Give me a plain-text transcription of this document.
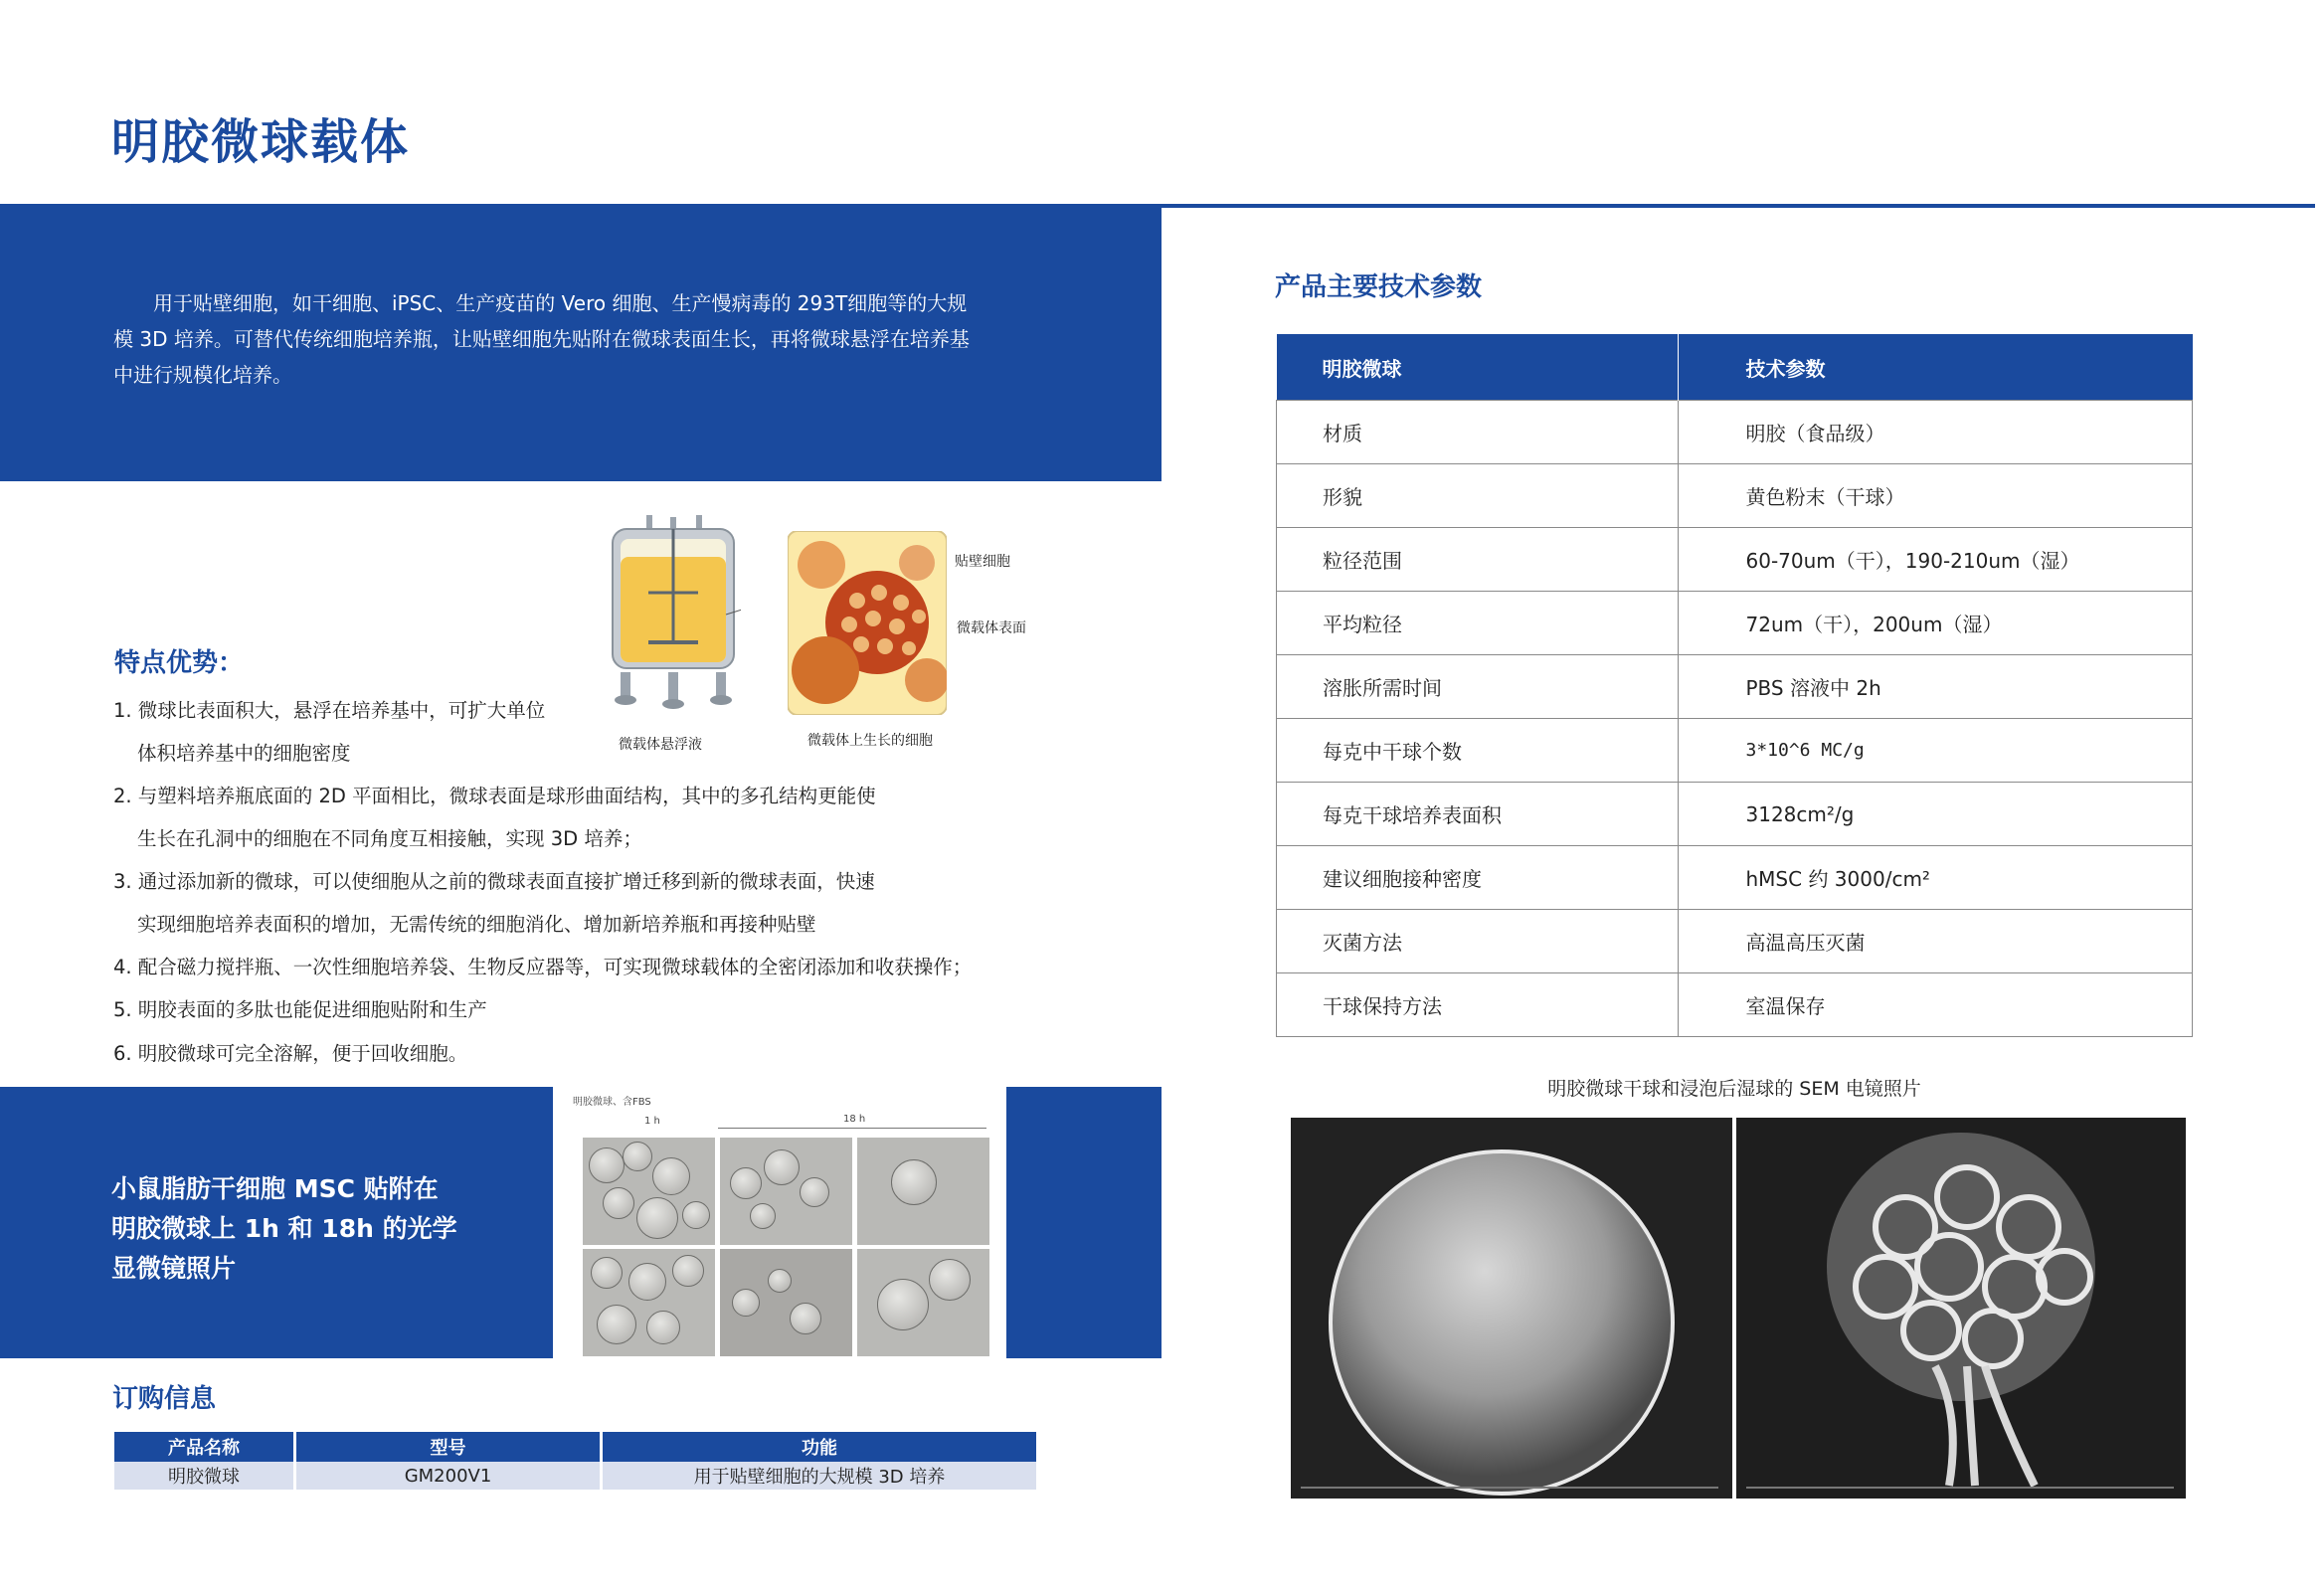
明胶微球载体
　　用于贴壁细胞，如干细胞、iPSC、生产疫苗的 Vero 细胞、生产慢病毒的 293T细胞等的大规
模 3D 培养。可替代传统细胞培养瓶，让贴壁细胞先贴附在微球表面生长，再将微球悬浮在培养基
中进行规模化培养。
贴壁细胞
微载体表面
微载体悬浮液	微载体上生长的细胞
特点优势：
1. 微球比表面积大，悬浮在培养基中，可扩大单位
体积培养基中的细胞密度
2. 与塑料培养瓶底面的 2D 平面相比，微球表面是球形曲面结构，其中的多孔结构更能使
生长在孔洞中的细胞在不同角度互相接触，实现 3D 培养；
3. 通过添加新的微球，可以使细胞从之前的微球表面直接扩增迁移到新的微球表面，快速
实现细胞培养表面积的增加，无需传统的细胞消化、增加新培养瓶和再接种贴壁
4. 配合磁力搅拌瓶、一次性细胞培养袋、生物反应器等，可实现微球载体的全密闭添加和收获操作；
5. 明胶表面的多肽也能促进细胞贴附和生产
6. 明胶微球可完全溶解，便于回收细胞。
小鼠脂肪干细胞 MSC 贴附在
明胶微球上 1h 和 18h 的光学
显微镜照片
明胶微球、含FBS
1 h	18 h
订购信息
产品名称	型号	功能
明胶微球	GM200V1	用于贴壁细胞的大规模 3D 培养
产品主要技术参数
明胶微球	技术参数
材质	明胶（食品级）
形貌	黄色粉末（干球）
粒径范围	60-70um（干），190-210um（湿）
平均粒径	72um（干），200um（湿）
溶胀所需时间	PBS 溶液中 2h
每克中干球个数	3*10^6 MC/g
每克干球培养表面积	3128cm²/g
建议细胞接种密度	hMSC 约 3000/cm²
灭菌方法	高温高压灭菌
干球保持方法	室温保存
明胶微球干球和浸泡后湿球的 SEM 电镜照片
